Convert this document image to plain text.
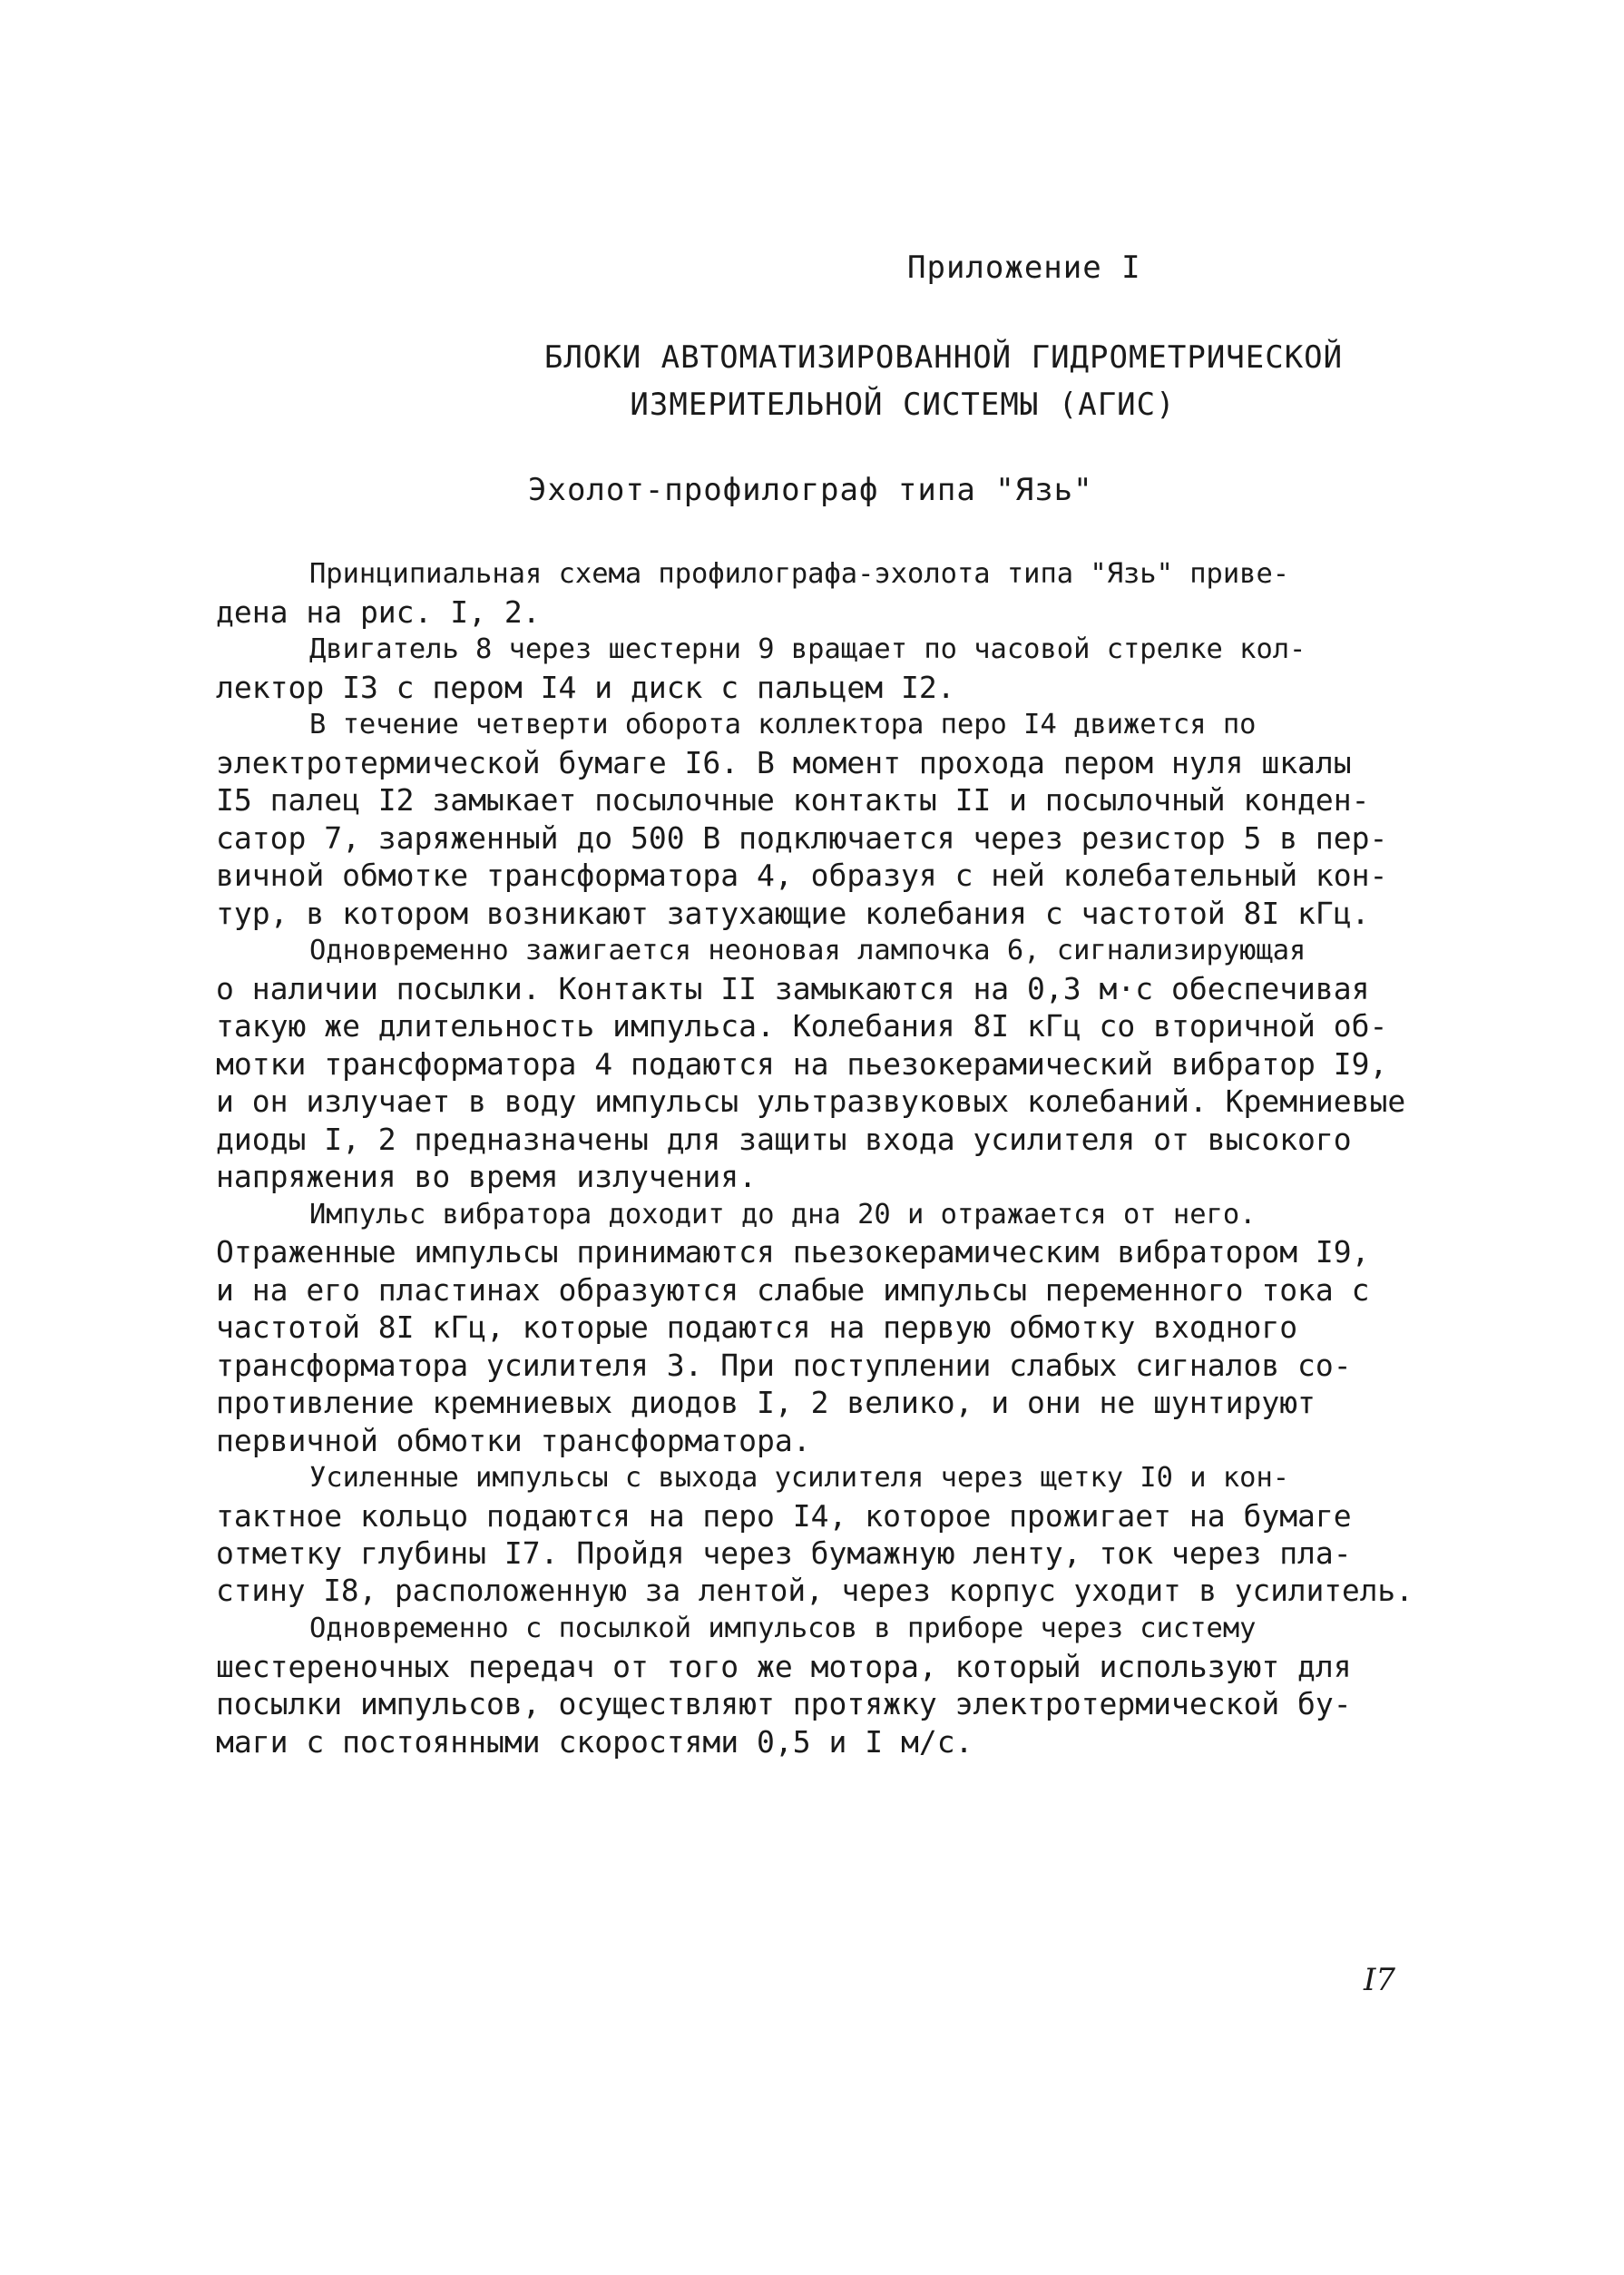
Приложение I
БЛОКИ АВТОМАТИЗИРОВАННОЙ ГИДРОМЕТРИЧЕСКОЙ
ИЗМЕРИТЕЛЬНОЙ СИСТЕМЫ (АГИС)
Эхолот-профилограф типа "Язь"
Принципиальная схема профилографа-эхолота типа "Язь" приве-
дена на рис. I, 2.
Двигатель 8 через шестерни 9 вращает по часовой стрелке кол-
лектор I3 с пером I4 и диск с пальцем I2.
В течение четверти оборота коллектора перо I4 движется по
электротермической бумаге I6. В момент прохода пером нуля шкалы
I5 палец I2 замыкает посылочные контакты II и посылочный конден-
сатор 7, заряженный до 500 В подключается через резистор 5 в пер-
вичной обмотке трансформатора 4, образуя с ней колебательный кон-
тур, в котором возникают затухающие колебания с частотой 8I кГц.
Одновременно зажигается неоновая лампочка 6, сигнализирующая
о наличии посылки. Контакты II замыкаются на 0,3 м·с обеспечивая
такую же длительность импульса. Колебания 8I кГц со вторичной об-
мотки трансформатора 4 подаются на пьезокерамический вибратор I9,
и он излучает в воду импульсы ультразвуковых колебаний. Кремниевые
диоды I, 2 предназначены для защиты входа усилителя от высокого
напряжения во время излучения.
Импульс вибратора доходит до дна 20 и отражается от него.
Отраженные импульсы принимаются пьезокерамическим вибратором I9,
и на его пластинах образуются слабые импульсы переменного тока с
частотой 8I кГц, которые подаются на первую обмотку входного
трансформатора усилителя 3. При поступлении слабых сигналов со-
противление кремниевых диодов I, 2 велико, и они не шунтируют
первичной обмотки трансформатора.
Усиленные импульсы с выхода усилителя через щетку I0 и кон-
тактное кольцо подаются на перо I4, которое прожигает на бумаге
отметку глубины I7. Пройдя через бумажную ленту, ток через пла-
стину I8, расположенную за лентой, через корпус уходит в усилитель.
Одновременно с посылкой импульсов в приборе через систему
шестереночных передач от того же мотора, который используют для
посылки импульсов, осуществляют протяжку электротермической бу-
маги с постоянными скоростями 0,5 и I м/с.
I7
